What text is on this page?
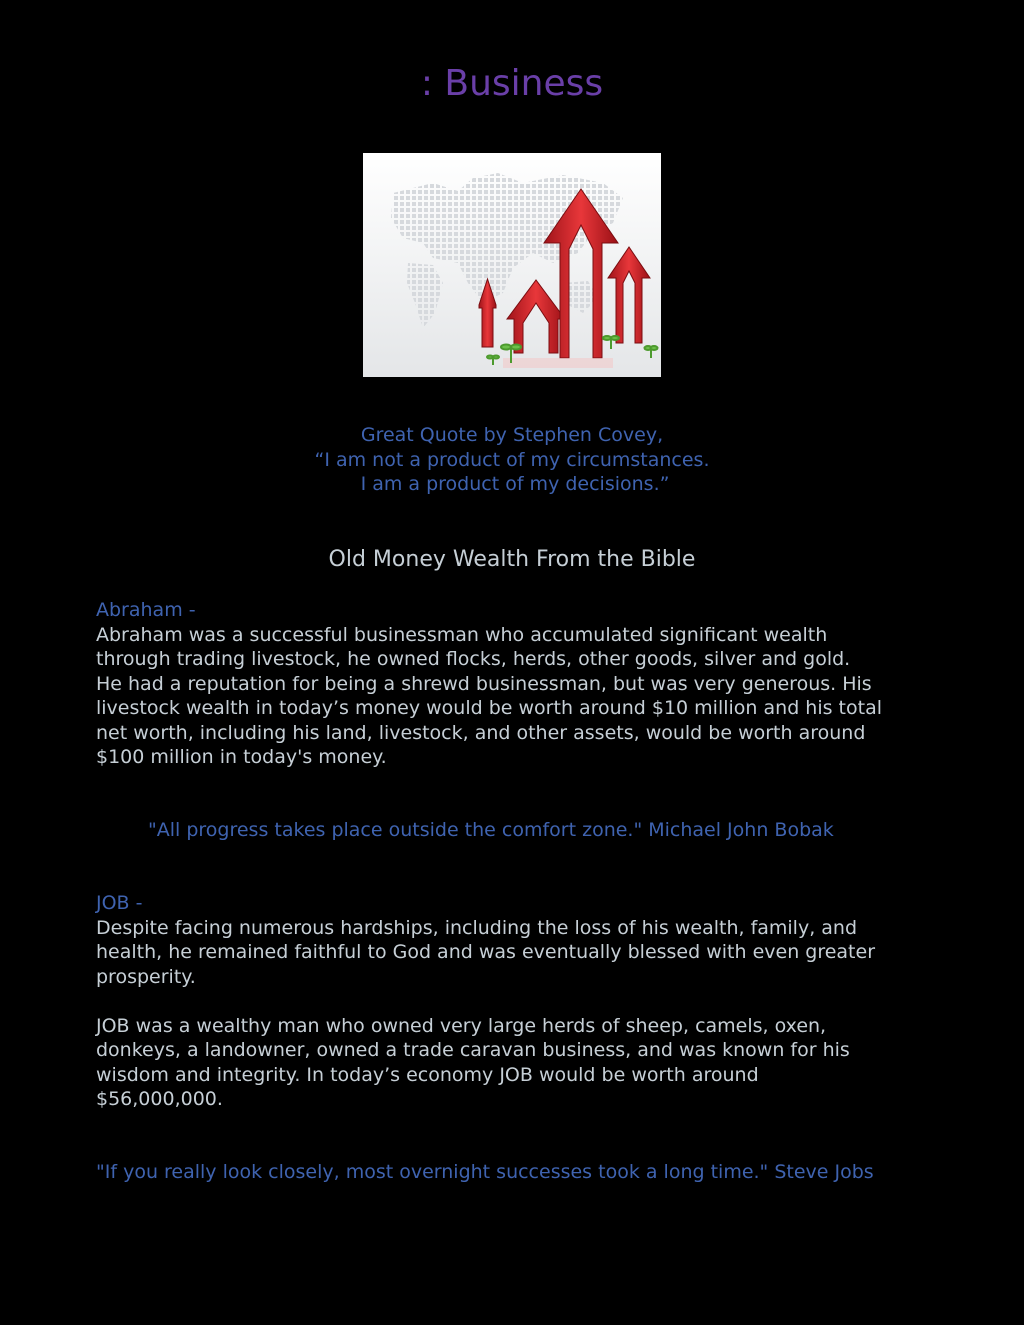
: Business
Great Quote by Stephen Covey,
“I am not a product of my circumstances.
I am a product of my decisions.”
Old Money Wealth From the Bible
Abraham -
Abraham was a successful businessman who accumulated significant wealth
through trading livestock, he owned flocks, herds, other goods, silver and gold.
He had a reputation for being a shrewd businessman, but was very generous. His
livestock wealth in today’s money would be worth around $10 million and his total
net worth, including his land, livestock, and other assets, would be worth around
$100 million in today's money.
"All progress takes place outside the comfort zone." Michael John Bobak
JOB -
Despite facing numerous hardships, including the loss of his wealth, family, and
health, he remained faithful to God and was eventually blessed with even greater
prosperity.
JOB was a wealthy man who owned very large herds of sheep, camels, oxen,
donkeys, a landowner, owned a trade caravan business, and was known for his
wisdom and integrity. In today’s economy JOB would be worth around
$56,000,000.
"If you really look closely, most overnight successes took a long time." Steve Jobs
